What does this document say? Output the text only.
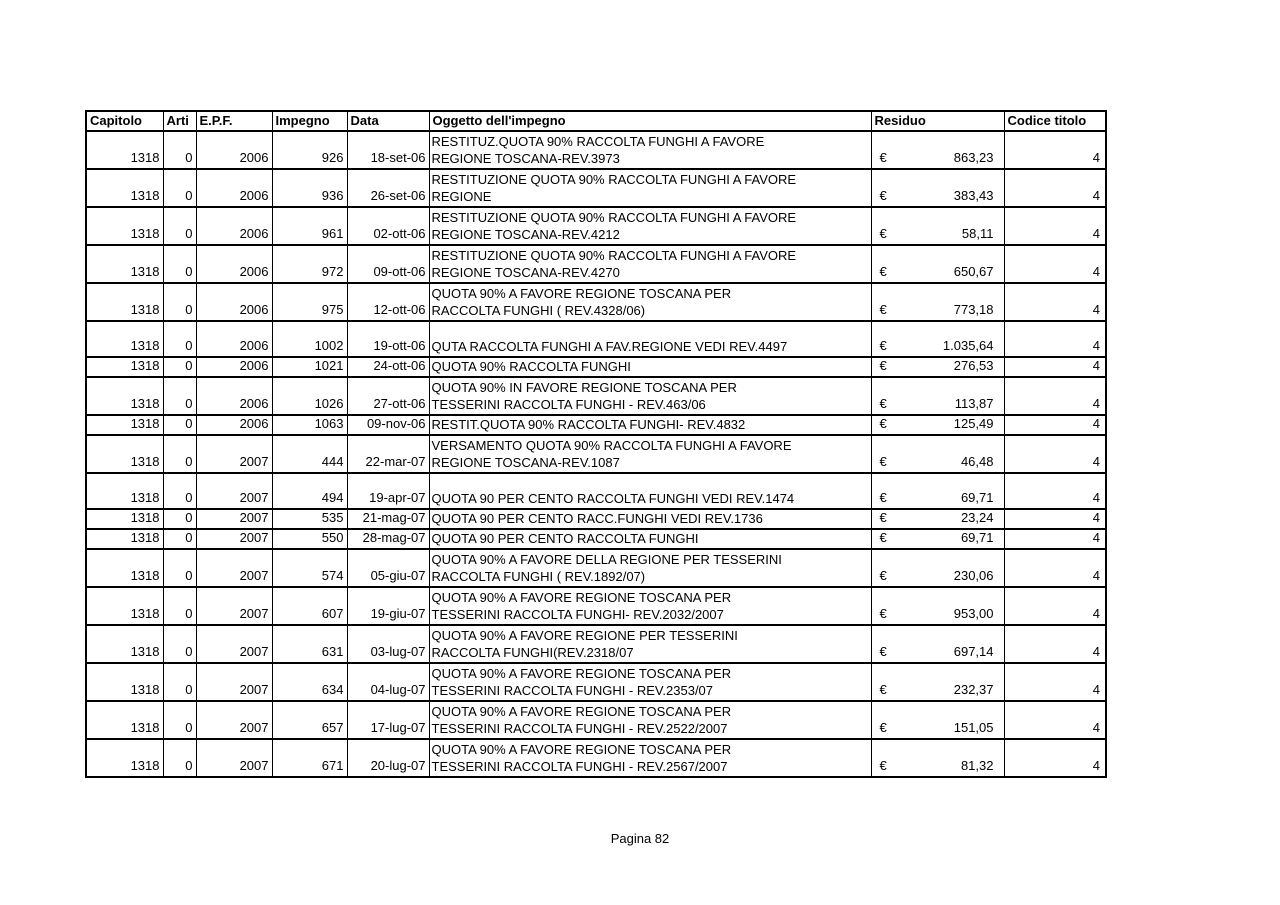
Capitolo	Arti	E.P.F.	Impegno	Data	Oggetto dell'impegno	Residuo	Codice titolo
1318	0	2006	926	18-set-06	
RESTITUZ.QUOTA 90% RACCOLTA FUNGHI A FAVORE
REGIONE TOSCANA-REV.3973	€	863,23	4
1318	0	2006	936	26-set-06	
RESTITUZIONE QUOTA 90% RACCOLTA FUNGHI A FAVORE
REGIONE	€	383,43	4
1318	0	2006	961	02-ott-06	
RESTITUZIONE QUOTA 90% RACCOLTA FUNGHI A FAVORE
REGIONE TOSCANA-REV.4212	€	58,11	4
1318	0	2006	972	09-ott-06	
RESTITUZIONE QUOTA 90% RACCOLTA FUNGHI A FAVORE
REGIONE TOSCANA-REV.4270	€	650,67	4
1318	0	2006	975	12-ott-06	
QUOTA 90% A FAVORE REGIONE TOSCANA PER
RACCOLTA FUNGHI ( REV.4328/06)	€	773,18	4
1318	0	2006	1002	19-ott-06	QUTA RACCOLTA FUNGHI A FAV.REGIONE VEDI REV.4497	€ 1.035,64	4
1318	0	2006	1021	24-ott-06	QUOTA 90% RACCOLTA FUNGHI	€ 276,53	4
1318	0	2006	1026	27-ott-06	
QUOTA 90% IN FAVORE REGIONE TOSCANA PER
TESSERINI RACCOLTA FUNGHI - REV.463/06	€	113,87	4
1318	0	2006	1063	09-nov-06	RESTIT.QUOTA 90% RACCOLTA FUNGHI- REV.4832	€ 125,49	4
1318	0	2007	444	22-mar-07	
VERSAMENTO QUOTA 90% RACCOLTA FUNGHI A FAVORE
REGIONE TOSCANA-REV.1087	€	46,48	4
1318	0	2007	494	19-apr-07	QUOTA 90 PER CENTO RACCOLTA FUNGHI VEDI REV.1474	€ 69,71	4
1318	0	2007	535	21-mag-07	QUOTA 90 PER CENTO RACC.FUNGHI VEDI REV.1736	€ 23,24	4
1318	0	2007	550	28-mag-07	QUOTA 90 PER CENTO RACCOLTA FUNGHI	€ 69,71	4
1318	0	2007	574	05-giu-07	
QUOTA 90% A FAVORE DELLA REGIONE PER TESSERINI
RACCOLTA FUNGHI ( REV.1892/07)	€	230,06	4
1318	0	2007	607	19-giu-07	
QUOTA 90% A FAVORE REGIONE TOSCANA PER
TESSERINI RACCOLTA FUNGHI- REV.2032/2007	€	953,00	4
1318	0	2007	631	03-lug-07	
QUOTA 90% A FAVORE REGIONE PER TESSERINI
RACCOLTA FUNGHI(REV.2318/07	€	697,14	4
1318	0	2007	634	04-lug-07	
QUOTA 90% A FAVORE REGIONE TOSCANA PER
TESSERINI RACCOLTA FUNGHI - REV.2353/07	€	232,37	4
1318	0	2007	657	17-lug-07	
QUOTA 90% A FAVORE REGIONE TOSCANA PER
TESSERINI RACCOLTA FUNGHI - REV.2522/2007	€	151,05	4
1318	0	2007	671	20-lug-07	
QUOTA 90% A FAVORE REGIONE TOSCANA PER
TESSERINI RACCOLTA FUNGHI - REV.2567/2007	€	81,32	4
Pagina 82
